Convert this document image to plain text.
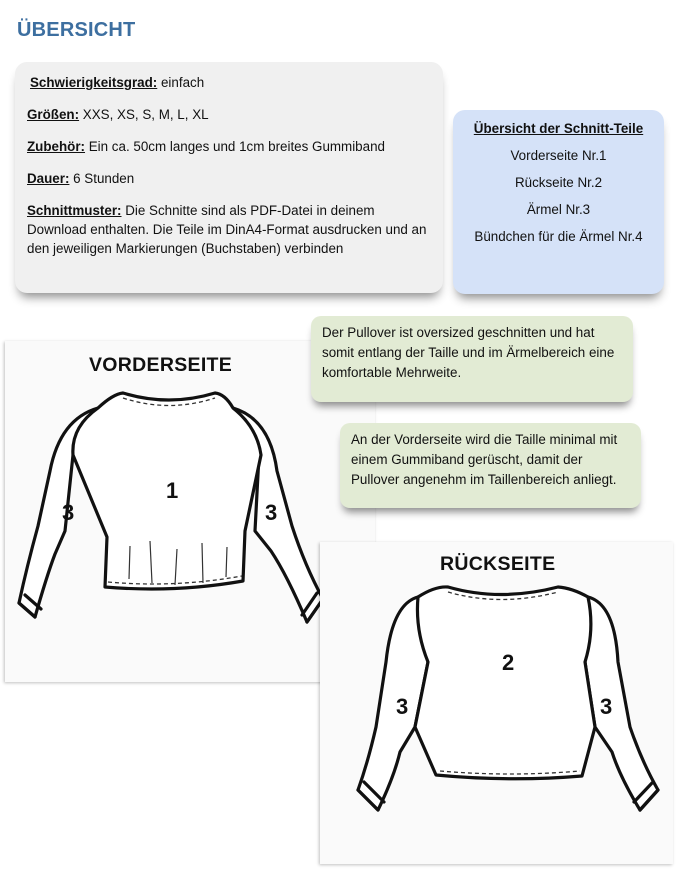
ÜBERSICHT

Schwierigkeitsgrad: einfach

Größen: XXS, XS, S, M, L, XL

Zubehör: Ein ca. 50cm langes und 1cm breites Gummiband

Dauer: 6 Stunden

Schnittmuster: Die Schnitte sind als PDF-Datei in deinem Download enthalten. Die Teile im DinA4-Format ausdrucken und an den jeweiligen Markierungen (Buchstaben) verbinden

Übersicht der Schnitt-Teile
Vorderseite Nr.1
Rückseite Nr.2
Ärmel Nr.3
Bündchen für die Ärmel Nr.4
VORDERSEITE
1
3	3
RÜCKSEITE
2
3	3
Der Pullover ist oversized geschnitten und hat somit entlang der Taille und im Ärmelbereich eine komfortable Mehrweite.
An der Vorderseite wird die Taille minimal mit einem Gummiband gerüscht, damit der Pullover angenehm im Taillenbereich anliegt.
